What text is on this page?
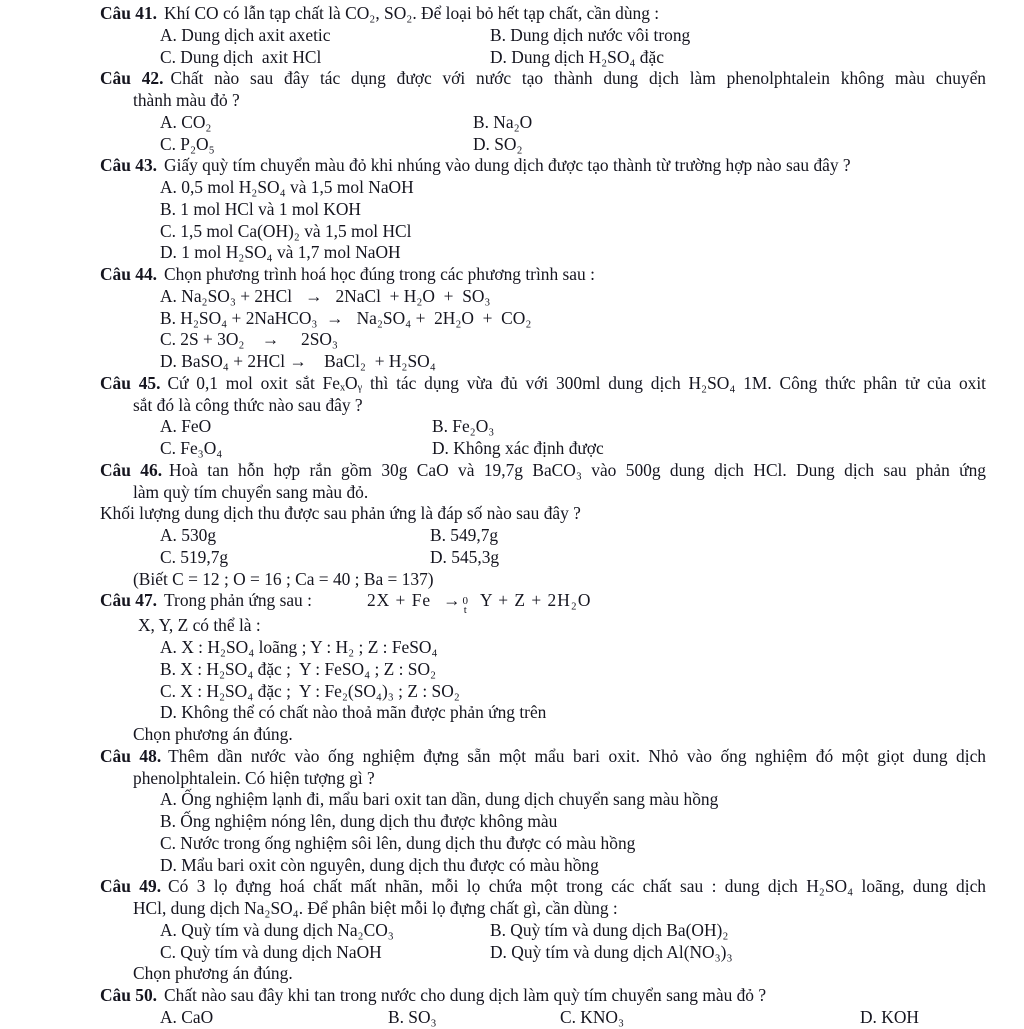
Câu 41. Khí CO có lẫn tạp chất là CO₂, SO₂. Để loại bỏ hết tạp chất, cần dùng :

A. Dung dịch axit axetic	B. Dung dịch nước vôi trong
C. Dung dịch  axit HCl	D. Dung dịch H₂SO₄ đặc

Câu 42. Chất nào sau đây tác dụng được với nước tạo thành dung dịch làm phenolphtalein không màu chuyển

thành màu đỏ ?

A. CO₂	B. Na₂O
C. P₂O₅	D. SO₂

Câu 43. Giấy quỳ tím chuyển màu đỏ khi nhúng vào dung dịch được tạo thành từ trường hợp nào sau đây ?

A. 0,5 mol H₂SO₄ và 1,5 mol NaOH

B. 1 mol HCl và 1 mol KOH

C. 1,5 mol Ca(OH)₂ và 1,5 mol HCl

D. 1 mol H₂SO₄ và 1,7 mol NaOH

Câu 44. Chọn phương trình hoá học đúng trong các phương trình sau :

A. Na₂SO₃ + 2HCl   →   2NaCl  + H₂O  +  SO₃

B. H₂SO₄ + 2NaHCO₃  →   Na₂SO₄ +  2H₂O  +  CO₂

C. 2S + 3O₂    →     2SO₃

D. BaSO₄ + 2HCl →    BaCl₂  + H₂SO₄

Câu 45. Cứ 0,1 mol oxit sắt FeₓOᵧ thì tác dụng vừa đủ với 300ml dung dịch H₂SO₄ 1M. Công thức phân tử của oxit

sắt đó là công thức nào sau đây ?

A. FeO	B. Fe₂O₃
C. Fe₃O₄	D. Không xác định được

Câu 46. Hoà tan hỗn hợp rắn gồm 30g CaO và 19,7g BaCO₃ vào 500g dung dịch HCl. Dung dịch sau phản ứng

làm quỳ tím chuyển sang màu đỏ.

Khối lượng dung dịch thu được sau phản ứng là đáp số nào sau đây ?

A. 530g	B. 549,7g
C. 519,7g	D. 545,3g

(Biết C = 12 ; O = 16 ; Ca = 40 ; Ba = 137)

Câu 47. Trong phản ứng sau :	2X + Fe → 0
t Y + Z + 2H₂O

X, Y, Z có thể là :

A. X : H₂SO₄ loãng ; Y : H₂ ; Z : FeSO₄

B. X : H₂SO₄ đặc ;  Y : FeSO₄ ; Z : SO₂

C. X : H₂SO₄ đặc ;  Y : Fe₂(SO₄)₃ ; Z : SO₂

D. Không thể có chất nào thoả mãn được phản ứng trên

Chọn phương án đúng.

Câu 48. Thêm dần nước vào ống nghiệm đựng sẵn một mẩu bari oxit. Nhỏ vào ống nghiệm đó một giọt dung dịch

phenolphtalein. Có hiện tượng gì ?

A. Ống nghiệm lạnh đi, mẩu bari oxit tan dần, dung dịch chuyển sang màu hồng

B. Ống nghiệm nóng lên, dung dịch thu được không màu

C. Nước trong ống nghiệm sôi lên, dung dịch thu được có màu hồng

D. Mẩu bari oxit còn nguyên, dung dịch thu được có màu hồng

Câu 49. Có 3 lọ đựng hoá chất mất nhãn, mỗi lọ chứa một trong các chất sau : dung dịch H₂SO₄ loãng, dung dịch

HCl, dung dịch Na₂SO₄. Để phân biệt mỗi lọ đựng chất gì, cần dùng :

A. Quỳ tím và dung dịch Na₂CO₃	B. Quỳ tím và dung dịch Ba(OH)₂
C. Quỳ tím và dung dịch NaOH	D. Quỳ tím và dung dịch Al(NO₃)₃

Chọn phương án đúng.

Câu 50. Chất nào sau đây khi tan trong nước cho dung dịch làm quỳ tím chuyển sang màu đỏ ?

A. CaO	B. SO₃	C. KNO₃	D. KOH
